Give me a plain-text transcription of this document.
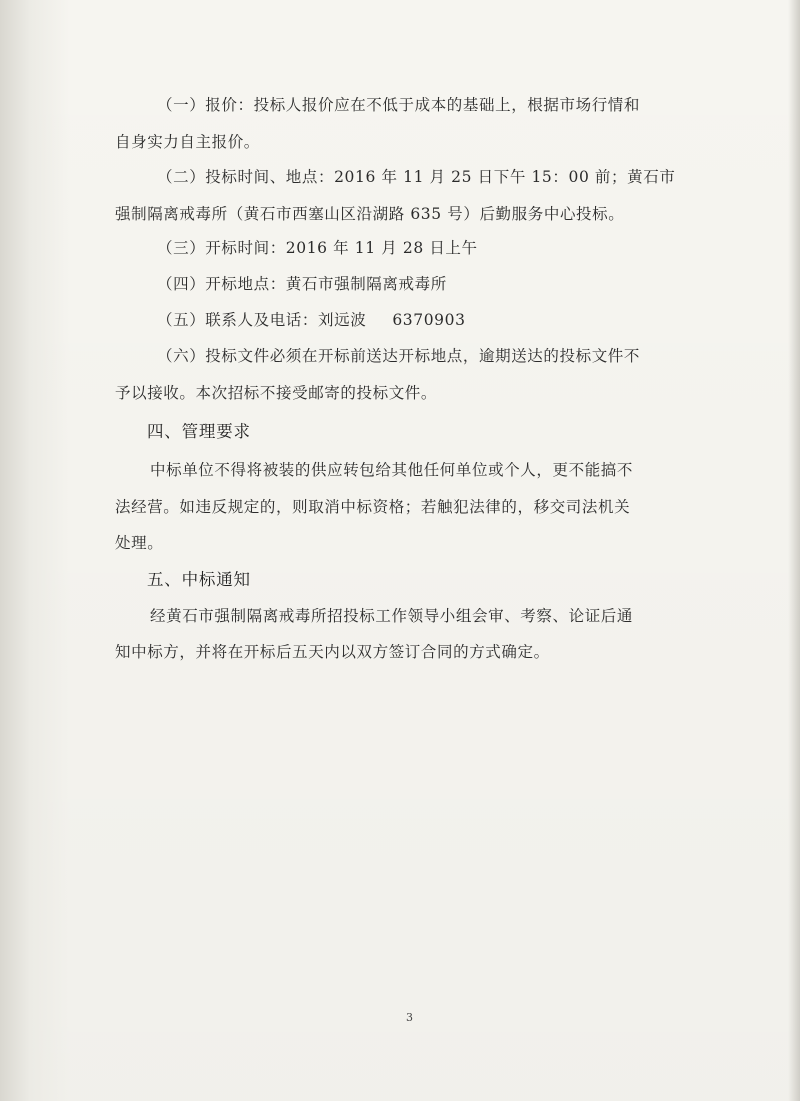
（一）报价：投标人报价应在不低于成本的基础上，根据市场行情和
自身实力自主报价。
（二）投标时间、地点：2016 年 11 月 25 日下午 15：00 前；黄石市
强制隔离戒毒所（黄石市西塞山区沿湖路 635 号）后勤服务中心投标。
（三）开标时间：2016 年 11 月 28 日上午
（四）开标地点：黄石市强制隔离戒毒所
（五）联系人及电话：刘远波 6370903
（六）投标文件必须在开标前送达开标地点，逾期送达的投标文件不
予以接收。本次招标不接受邮寄的投标文件。
四、管理要求
中标单位不得将被装的供应转包给其他任何单位或个人，更不能搞不
法经营。如违反规定的，则取消中标资格；若触犯法律的，移交司法机关
处理。
五、中标通知
经黄石市强制隔离戒毒所招投标工作领导小组会审、考察、论证后通
知中标方，并将在开标后五天内以双方签订合同的方式确定。
3
